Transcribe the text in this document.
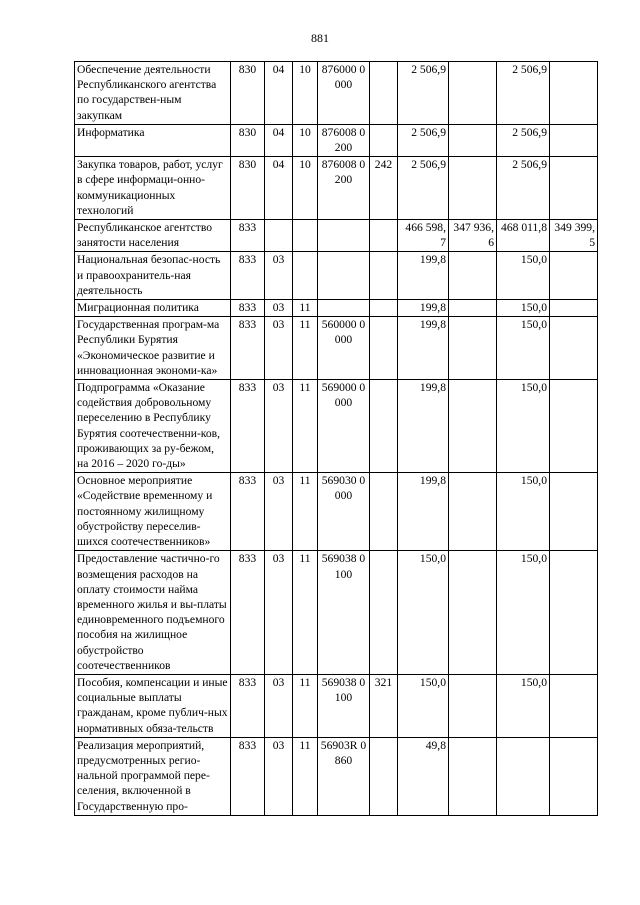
881
Обеспечение деятельности Республиканского агентства по государствен-ным закупкам	830	04	10	876000 0000		2 506,9		2 506,9	
Информатика	830	04	10	876008 0200		2 506,9		2 506,9	
Закупка товаров, работ, услуг в сфере информаци-онно-коммуникационных технологий	830	04	10	876008 0200	242	2 506,9		2 506,9	
Республиканское агентство занятости населения	833					466 598,7	347 936,6	468 011,8	349 399,5
Национальная безопас-ность и правоохранитель-ная деятельность	833	03				199,8		150,0	
Миграционная политика	833	03	11			199,8		150,0	
Государственная програм-ма Республики Бурятия «Экономическое развитие и инновационная экономи-ка»	833	03	11	560000 0000		199,8		150,0	
Подпрограмма «Оказание содействия добровольному переселению в Республику Бурятия соотечественни-ков, проживающих за ру-бежом, на 2016 – 2020 го-ды»	833	03	11	569000 0000		199,8		150,0	
Основное мероприятие «Содействие временному и постоянному жилищному обустройству переселив-шихся соотечественников»	833	03	11	569030 0000		199,8		150,0	
Предоставление частично-го возмещения расходов на оплату стоимости найма временного жилья и вы-платы единовременного подъемного пособия на жилищное обустройство соотечественников	833	03	11	569038 0100		150,0		150,0	
Пособия, компенсации и иные социальные выплаты гражданам, кроме публич-ных нормативных обяза-тельств	833	03	11	569038 0100	321	150,0		150,0	
Реализация мероприятий, предусмотренных регио-нальной программой пере-селения, включенной в Государственную про-	833	03	11	56903R 0860		49,8			
